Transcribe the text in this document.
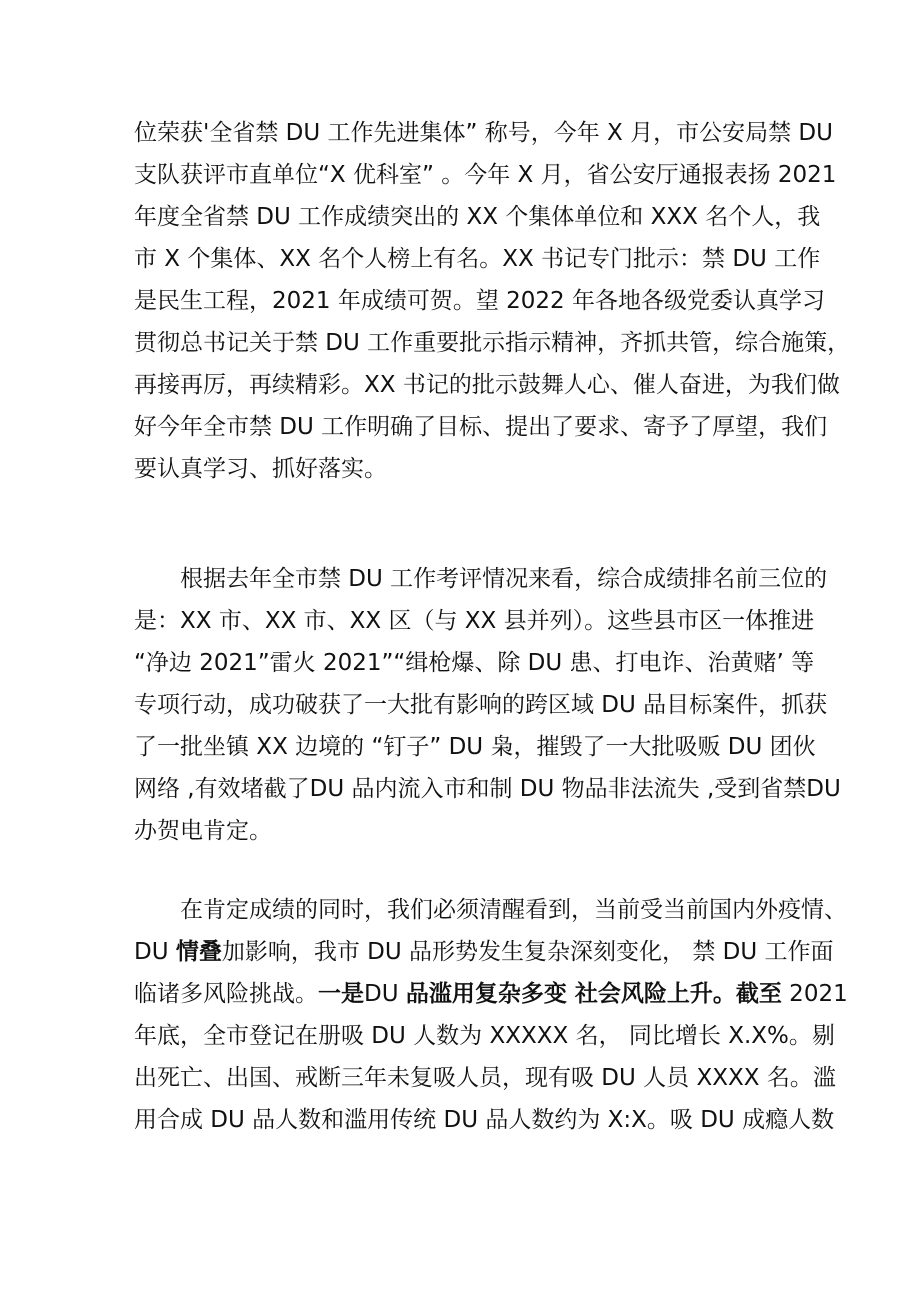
位荣获'全省禁 DU 工作先进集体” 称号，今年 X 月，市公安局禁 DU
支队获评市直单位“X 优科室” 。今年 X 月，省公安厅通报表扬 2021
年度全省禁 DU 工作成绩突出的 XX 个集体单位和 XXX 名个人，我
市 X 个集体、XX 名个人榜上有名。XX 书记专门批示：禁 DU 工作
是民生工程，2021 年成绩可贺。望 2022 年各地各级党委认真学习
贯彻总书记关于禁 DU 工作重要批示指示精神，齐抓共管，综合施策，
再接再厉，再续精彩。XX 书记的批示鼓舞人心、催人奋进，为我们做
好今年全市禁 DU 工作明确了目标、提出了要求、寄予了厚望，我们
要认真学习、抓好落实。
根据去年全市禁 DU 工作考评情况来看，综合成绩排名前三位的
是：XX 市、XX 市、XX 区（与 XX 县并列）。这些县市区一体推进
“净边 2021”雷火 2021”“缉枪爆、除 DU 患、打电诈、治黄赌’ 等
专项行动，成功破获了一大批有影响的跨区域 DU 品目标案件，抓获
了一批坐镇 XX 边境的 “钉子” DU 枭，摧毁了一大批吸贩 DU 团伙
网络 ,有效堵截了DU 品内流入市和制 DU 物品非法流失 ,受到省禁DU
办贺电肯定。
在肯定成绩的同时，我们必须清醒看到，当前受当前国内外疫情、
DU 情叠加影响，我市 DU 品形势发生复杂深刻变化， 禁 DU 工作面
临诸多风险挑战。一是DU 品滥用复杂多变 社会风险上升。截至 2021
年底，全市登记在册吸 DU 人数为 XXXXX 名， 同比增长 X.X%。剔
出死亡、出国、戒断三年未复吸人员，现有吸 DU 人员 XXXX 名。滥
用合成 DU 品人数和滥用传统 DU 品人数约为 X:X。吸 DU 成瘾人数
